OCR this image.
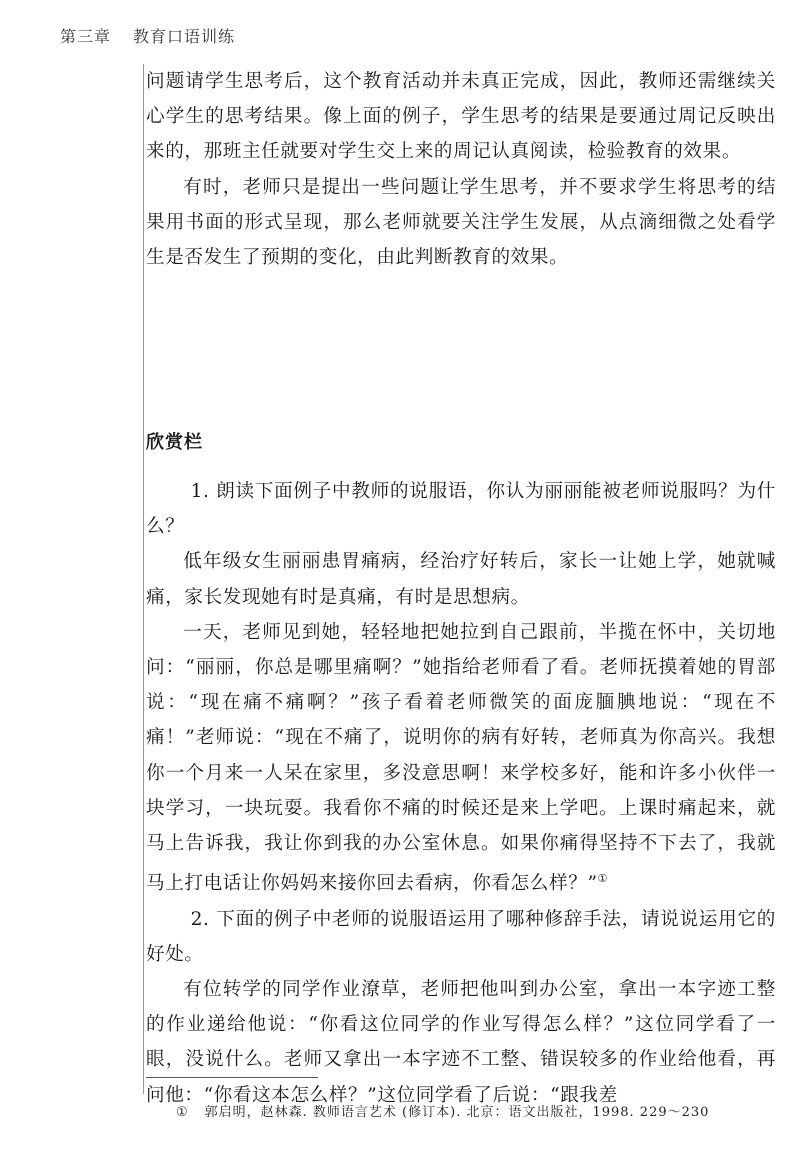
第三章 教育口语训练

问题请学生思考后，这个教育活动并未真正完成，因此，教师还需继续关心学生的思考结果。像上面的例子，学生思考的结果是要通过周记反映出来的，那班主任就要对学生交上来的周记认真阅读，检验教育的效果。

有时，老师只是提出一些问题让学生思考，并不要求学生将思考的结果用书面的形式呈现，那么老师就要关注学生发展，从点滴细微之处看学生是否发生了预期的变化，由此判断教育的效果。

欣赏栏

1. 朗读下面例子中教师的说服语，你认为丽丽能被老师说服吗？为什么？

低年级女生丽丽患胃痛病，经治疗好转后，家长一让她上学，她就喊痛，家长发现她有时是真痛，有时是思想病。

一天，老师见到她，轻轻地把她拉到自己跟前，半揽在怀中，关切地问：“丽丽，你总是哪里痛啊？”她指给老师看了看。老师抚摸着她的胃部说：“现在痛不痛啊？”孩子看着老师微笑的面庞腼腆地说：“现在不痛！”老师说：“现在不痛了，说明你的病有好转，老师真为你高兴。我想你一个月来一人呆在家里，多没意思啊！来学校多好，能和许多小伙伴一块学习，一块玩耍。我看你不痛的时候还是来上学吧。上课时痛起来，就马上告诉我，我让你到我的办公室休息。如果你痛得坚持不下去了，我就马上打电话让你妈妈来接你回去看病，你看怎么样？”①

2. 下面的例子中老师的说服语运用了哪种修辞手法，请说说运用它的好处。

有位转学的同学作业潦草，老师把他叫到办公室，拿出一本字迹工整的作业递给他说：“你看这位同学的作业写得怎么样？”这位同学看了一眼，没说什么。老师又拿出一本字迹不工整、错误较多的作业给他看，再问他：“你看这本怎么样？”这位同学看了后说：“跟我差

① 郭启明，赵林森. 教师语言艺术 (修订本). 北京：语文出版社，1998. 229～230
